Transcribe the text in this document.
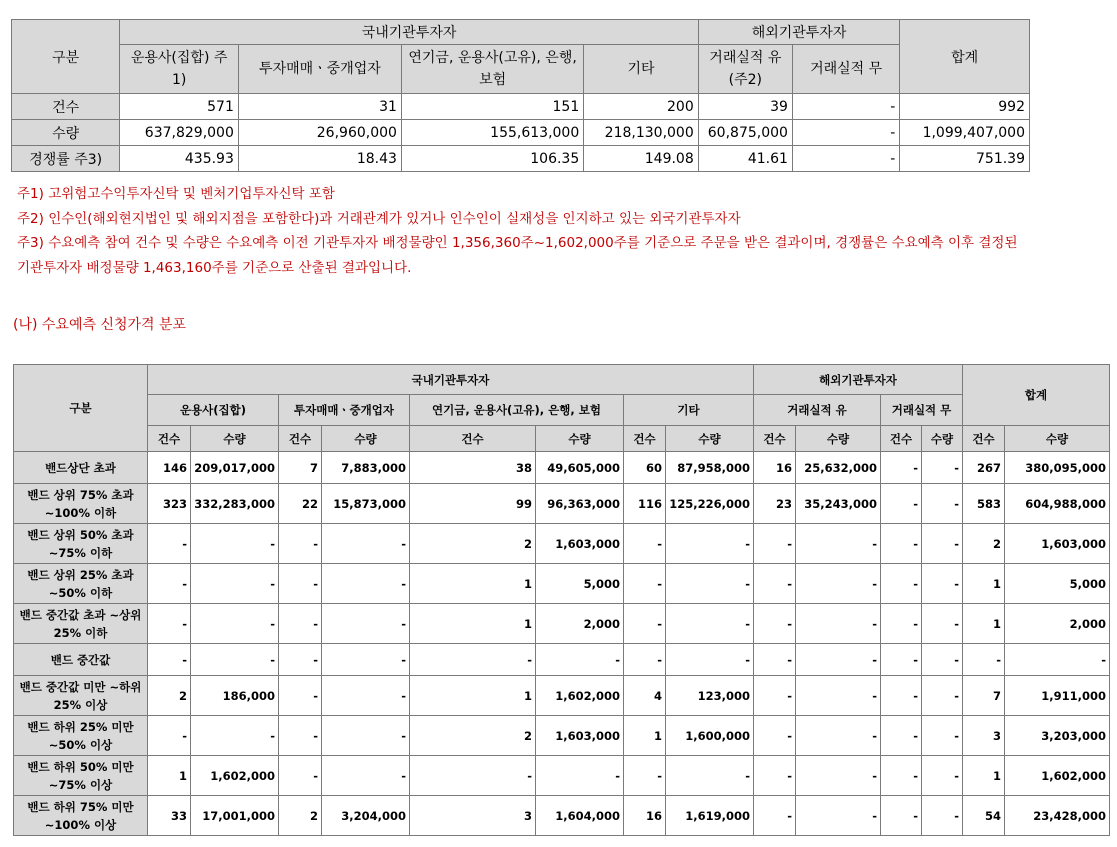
구분	국내기관투자자				해외기관투자자		합계
	운용사(집합) 주1)	투자매매ㆍ중개업자	연기금, 운용사(고유), 은행, 보험	기타	거래실적 유 (주2)	거래실적 무	
건수	571	31	151	200	39	-	992
수량	637,829,000	26,960,000	155,613,000	218,130,000	60,875,000	-	1,099,407,000
경쟁률 주3)	435.93	18.43	106.35	149.08	41.61	-	751.39

주1) 고위험고수익투자신탁 및 벤처기업투자신탁 포함

주2) 인수인(해외현지법인 및 해외지점을 포함한다)과 거래관계가 있거나 인수인이 실재성을 인지하고 있는 외국기관투자자

주3) 수요예측 참여 건수 및 수량은 수요예측 이전 기관투자자 배정물량인 1,356,360주~1,602,000주를 기준으로 주문을 받은 결과이며, 경쟁률은 수요예측 이후 결정된 기관투자자 배정물량 1,463,160주를 기준으로 산출된 결과입니다.

(나) 수요예측 신청가격 분포
구분	국내기관투자자								해외기관투자자				합계	
	운용사(집합)		투자매매ㆍ중개업자		연기금, 운용사(고유), 은행, 보험		기타		거래실적 유		거래실적 무			
	건수	수량	건수	수량	건수	수량	건수	수량	건수	수량	건수	수량	건수	수량
밴드상단 초과	146	209,017,000	7	7,883,000	38	49,605,000	60	87,958,000	16	25,632,000	-	-	267	380,095,000
밴드 상위 75% 초과 ~100% 이하	323	332,283,000	22	15,873,000	99	96,363,000	116	125,226,000	23	35,243,000	-	-	583	604,988,000
밴드 상위 50% 초과 ~75% 이하	-	-	-	-	2	1,603,000	-	-	-	-	-	-	2	1,603,000
밴드 상위 25% 초과 ~50% 이하	-	-	-	-	1	5,000	-	-	-	-	-	-	1	5,000
밴드 중간값 초과 ~상위 25% 이하	-	-	-	-	1	2,000	-	-	-	-	-	-	1	2,000
밴드 중간값	-	-	-	-	-	-	-	-	-	-	-	-	-	-
밴드 중간값 미만 ~하위 25% 이상	2	186,000	-	-	1	1,602,000	4	123,000	-	-	-	-	7	1,911,000
밴드 하위 25% 미만 ~50% 이상	-	-	-	-	2	1,603,000	1	1,600,000	-	-	-	-	3	3,203,000
밴드 하위 50% 미만 ~75% 이상	1	1,602,000	-	-	-	-	-	-	-	-	-	-	1	1,602,000
밴드 하위 75% 미만 ~100% 이상	33	17,001,000	2	3,204,000	3	1,604,000	16	1,619,000	-	-	-	-	54	23,428,000
